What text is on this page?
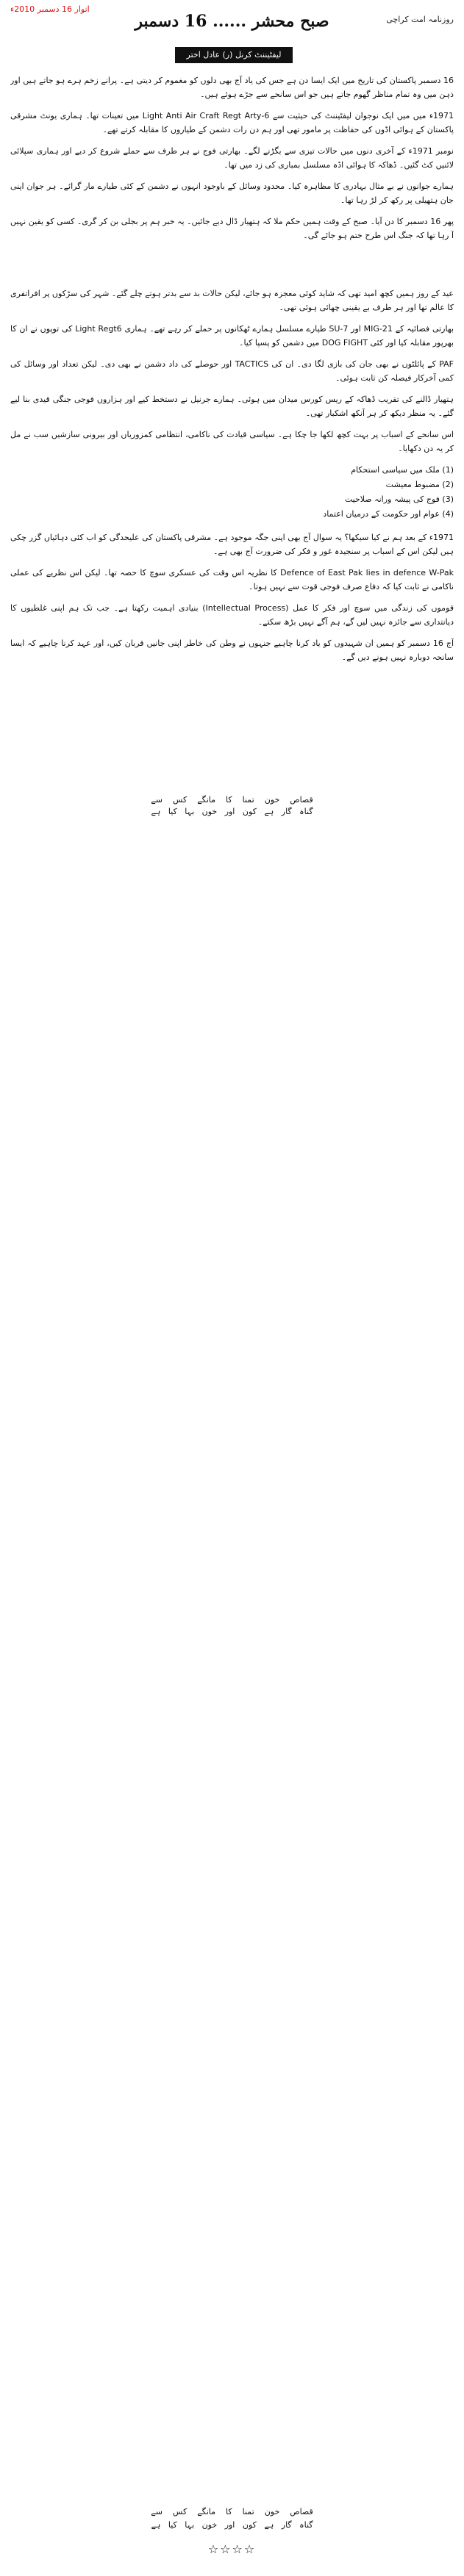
اتوار 16 دسمبر 2010ء
روزنامہ امت کراچی
صبح محشر ...... 16 دسمبر
لیفٹیننٹ کرنل (ر) عادل اختر

16 دسمبر پاکستان کی تاریخ میں ایک ایسا دن ہے جس کی یاد آج بھی دلوں کو مغموم کر دیتی ہے۔ پرانے زخم ہرے ہو جاتے ہیں اور ذہن میں وہ تمام مناظر گھوم جاتے ہیں جو اس سانحے سے جڑے ہوئے ہیں۔

1971ء میں میں ایک نوجوان لیفٹیننٹ کی حیثیت سے 6-Light Anti Air Craft Regt Arty میں تعینات تھا۔ ہماری یونٹ مشرقی پاکستان کے ہوائی اڈوں کی حفاظت پر مامور تھی اور ہم دن رات دشمن کے طیاروں کا مقابلہ کرتے تھے۔

نومبر 1971ء کے آخری دنوں میں حالات تیزی سے بگڑنے لگے۔ بھارتی فوج نے ہر طرف سے حملے شروع کر دیے اور ہماری سپلائی لائنیں کٹ گئیں۔ ڈھاکہ کا ہوائی اڈہ مسلسل بمباری کی زد میں تھا۔

ہمارے جوانوں نے بے مثال بہادری کا مظاہرہ کیا۔ محدود وسائل کے باوجود انہوں نے دشمن کے کئی طیارے مار گرائے۔ ہر جوان اپنی جان ہتھیلی پر رکھ کر لڑ رہا تھا۔

پھر 16 دسمبر کا دن آیا۔ صبح کے وقت ہمیں حکم ملا کہ ہتھیار ڈال دیے جائیں۔ یہ خبر ہم پر بجلی بن کر گری۔ کسی کو یقین نہیں آ رہا تھا کہ جنگ اس طرح ختم ہو جائے گی۔

عید کے روز ہمیں کچھ امید تھی کہ شاید کوئی معجزہ ہو جائے، لیکن حالات بد سے بدتر ہوتے چلے گئے۔ شہر کی سڑکوں پر افراتفری کا عالم تھا اور ہر طرف بے یقینی چھائی ہوئی تھی۔

بھارتی فضائیہ کے MIG-21 اور SU-7 طیارے مسلسل ہمارے ٹھکانوں پر حملے کر رہے تھے۔ ہماری Light Regt6 کی توپوں نے ان کا بھرپور مقابلہ کیا اور کئی DOG FIGHT میں دشمن کو پسپا کیا۔

PAF کے پائلٹوں نے بھی جان کی بازی لگا دی۔ ان کی TACTICS اور حوصلے کی داد دشمن نے بھی دی۔ لیکن تعداد اور وسائل کی کمی آخرکار فیصلہ کن ثابت ہوئی۔

ہتھیار ڈالنے کی تقریب ڈھاکہ کے ریس کورس میدان میں ہوئی۔ ہمارے جرنیل نے دستخط کیے اور ہزاروں فوجی جنگی قیدی بنا لیے گئے۔ یہ منظر دیکھ کر ہر آنکھ اشکبار تھی۔

اس سانحے کے اسباب پر بہت کچھ لکھا جا چکا ہے۔ سیاسی قیادت کی ناکامی، انتظامی کمزوریاں اور بیرونی سازشیں سب نے مل کر یہ دن دکھایا۔

(1) ملک میں سیاسی استحکام
(2) مضبوط معیشت
(3) فوج کی پیشہ ورانہ صلاحیت
(4) عوام اور حکومت کے درمیان اعتماد

1971ء کے بعد ہم نے کیا سیکھا؟ یہ سوال آج بھی اپنی جگہ موجود ہے۔ مشرقی پاکستان کی علیحدگی کو اب کئی دہائیاں گزر چکی ہیں لیکن اس کے اسباب پر سنجیدہ غور و فکر کی ضرورت آج بھی ہے۔

Defence of East Pak lies in defence W-Pak کا نظریہ اس وقت کی عسکری سوچ کا حصہ تھا۔ لیکن اس نظریے کی عملی ناکامی نے ثابت کیا کہ دفاع صرف فوجی قوت سے نہیں ہوتا۔

قوموں کی زندگی میں سوچ اور فکر کا عمل (Intellectual Process) بنیادی اہمیت رکھتا ہے۔ جب تک ہم اپنی غلطیوں کا دیانتداری سے جائزہ نہیں لیں گے، ہم آگے نہیں بڑھ سکتے۔

آج 16 دسمبر کو ہمیں ان شہیدوں کو یاد کرنا چاہیے جنہوں نے وطن کی خاطر اپنی جانیں قربان کیں، اور عہد کرنا چاہیے کہ ایسا سانحہ دوبارہ نہیں ہونے دیں گے۔

قصاص    خون    تمنا    کا    مانگے    کس    سے
گناہ   گار   ہے   کون   اور   خون   بہا   کیا   ہے
قصاص    خون    تمنا    کا    مانگے    کس    سے
گناہ   گار   ہے   کون   اور   خون   بہا   کیا   ہے
☆☆☆☆
